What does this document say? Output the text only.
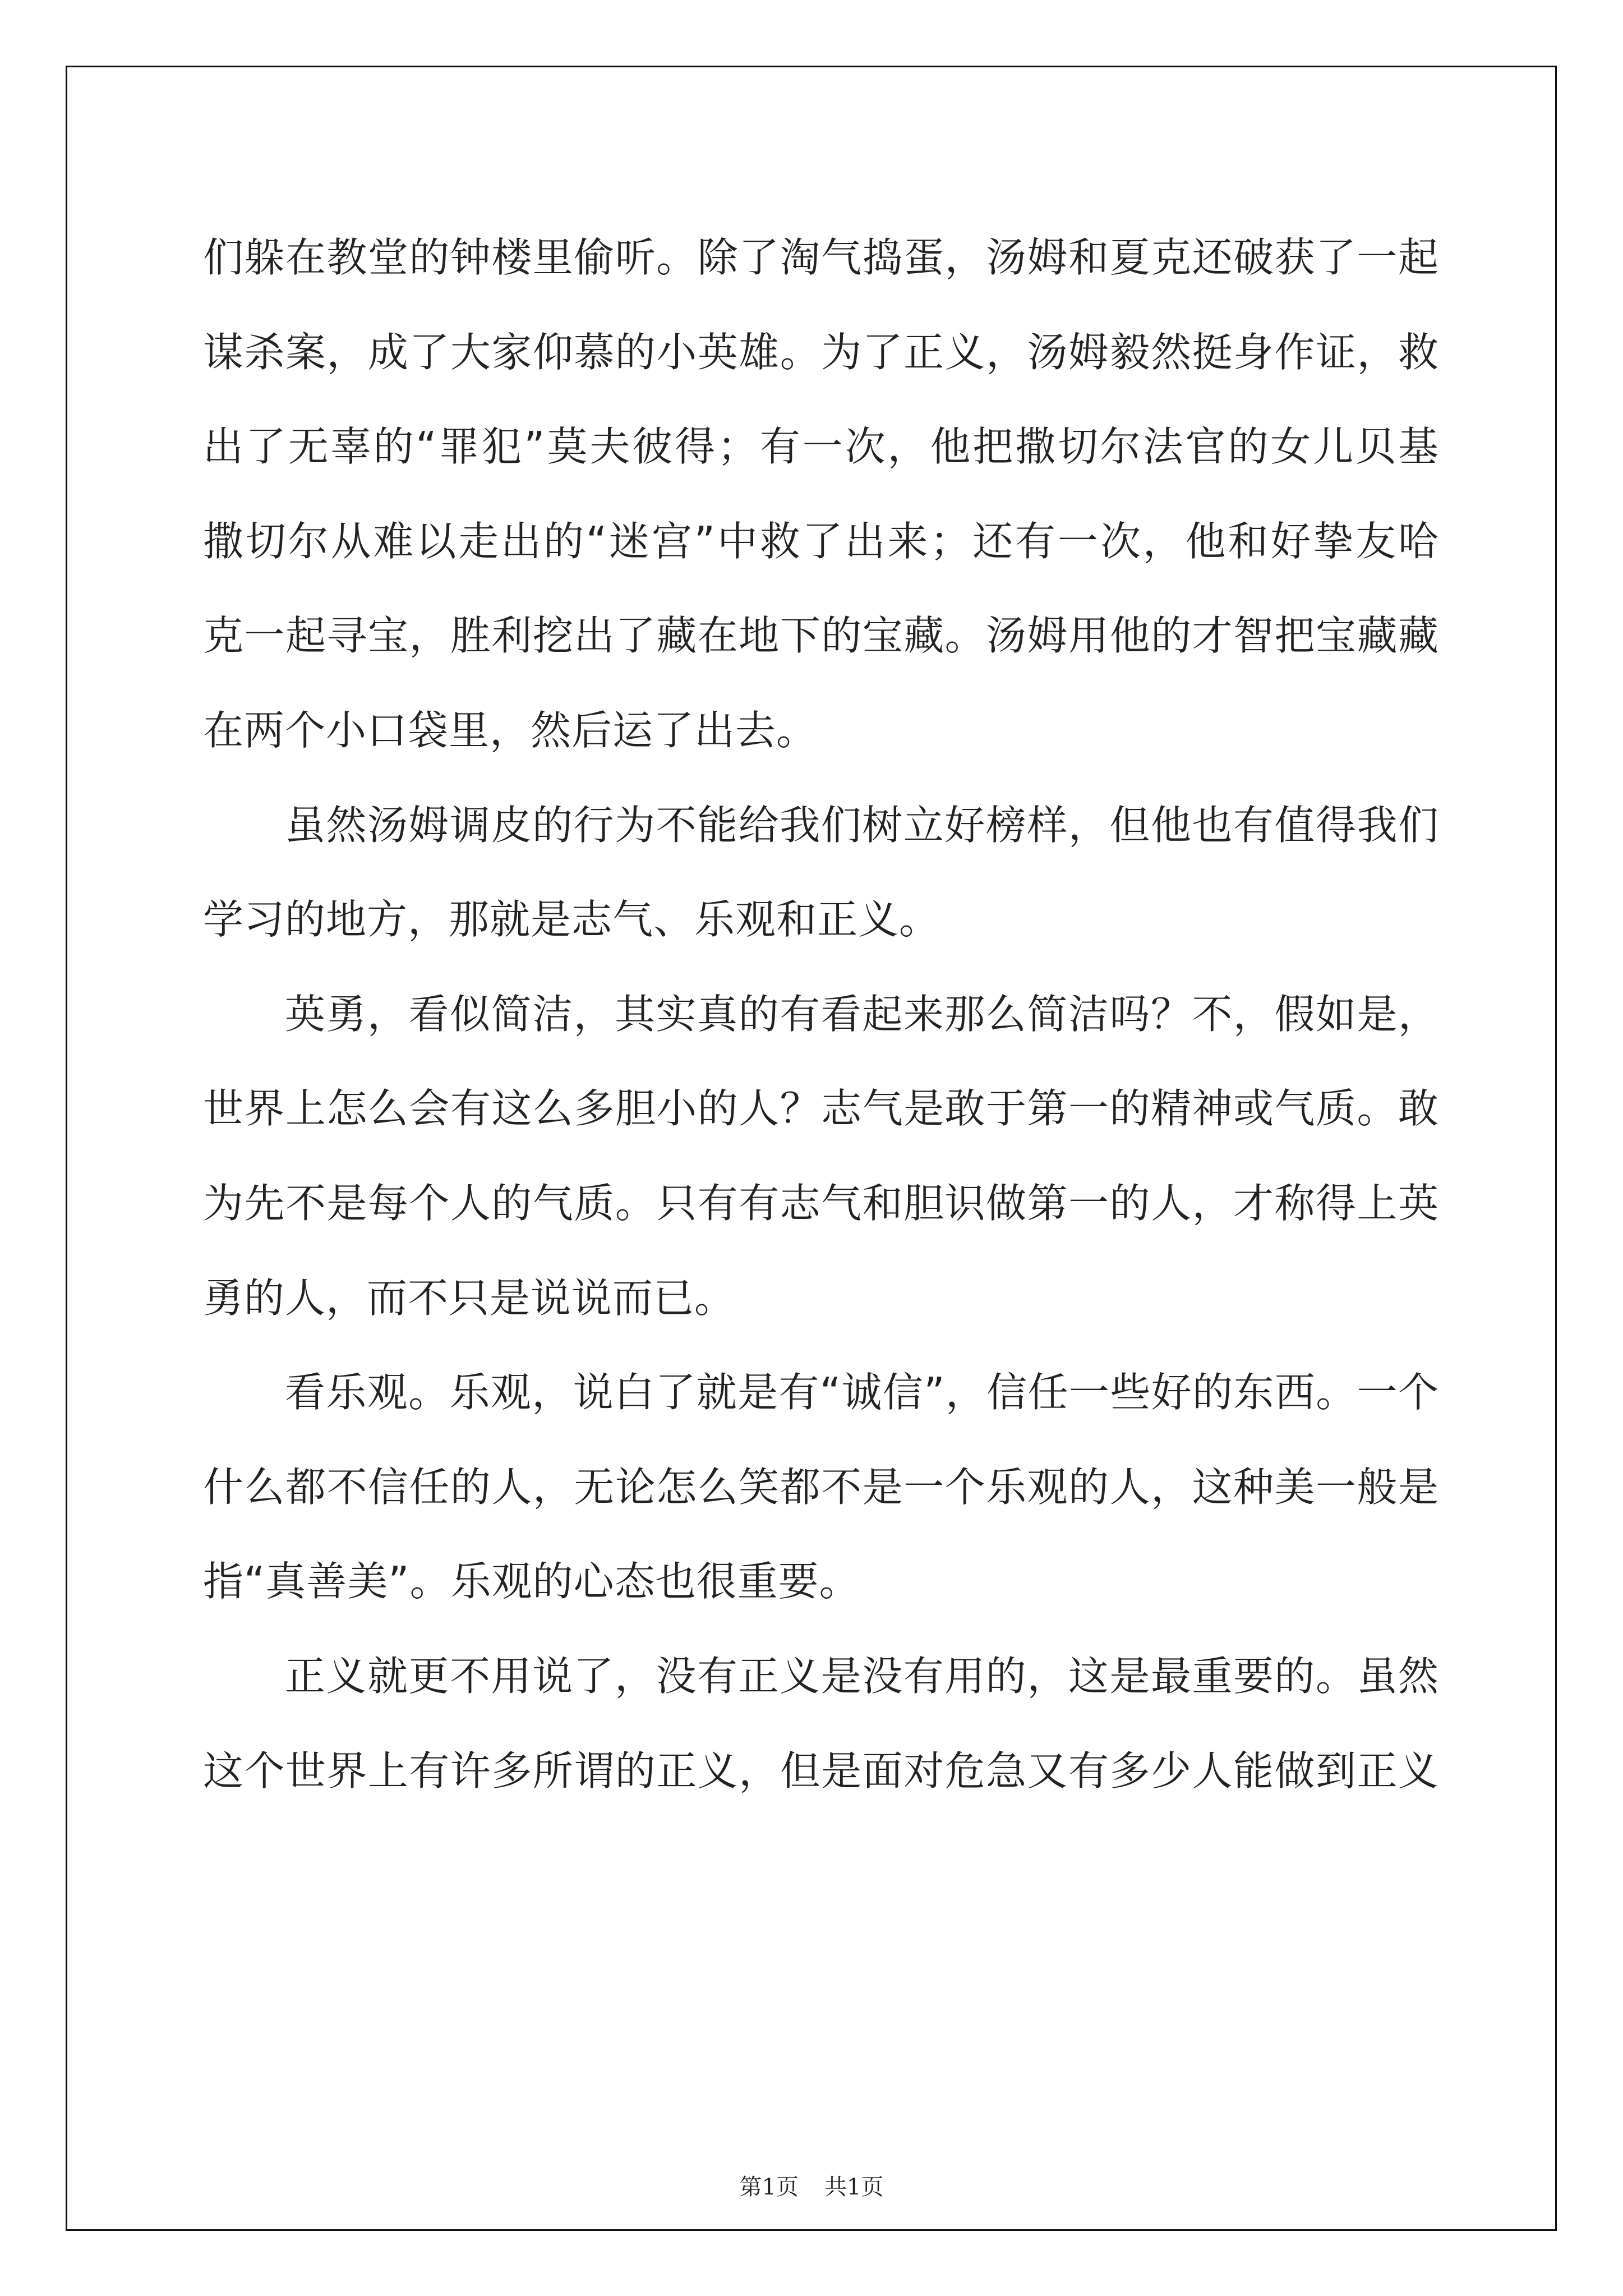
们躲在教堂的钟楼里偷听。除了淘气捣蛋，汤姆和夏克还破获了一起
谋杀案，成了大家仰慕的小英雄。为了正义，汤姆毅然挺身作证，救
出了无辜的“罪犯”莫夫彼得；有一次，他把撒切尔法官的女儿贝基
撒切尔从难以走出的“迷宫”中救了出来；还有一次，他和好挚友哈
克一起寻宝，胜利挖出了藏在地下的宝藏。汤姆用他的才智把宝藏藏
在两个小口袋里，然后运了出去。
虽然汤姆调皮的行为不能给我们树立好榜样，但他也有值得我们
学习的地方，那就是志气、乐观和正义。
英勇，看似简洁，其实真的有看起来那么简洁吗？不，假如是，
世界上怎么会有这么多胆小的人？志气是敢于第一的精神或气质。敢
为先不是每个人的气质。只有有志气和胆识做第一的人，才称得上英
勇的人，而不只是说说而已。
看乐观。乐观，说白了就是有“诚信”，信任一些好的东西。一个
什么都不信任的人，无论怎么笑都不是一个乐观的人，这种美一般是
指“真善美”。乐观的心态也很重要。
正义就更不用说了，没有正义是没有用的，这是最重要的。虽然
这个世界上有许多所谓的正义，但是面对危急又有多少人能做到正义
第1页 共1页
